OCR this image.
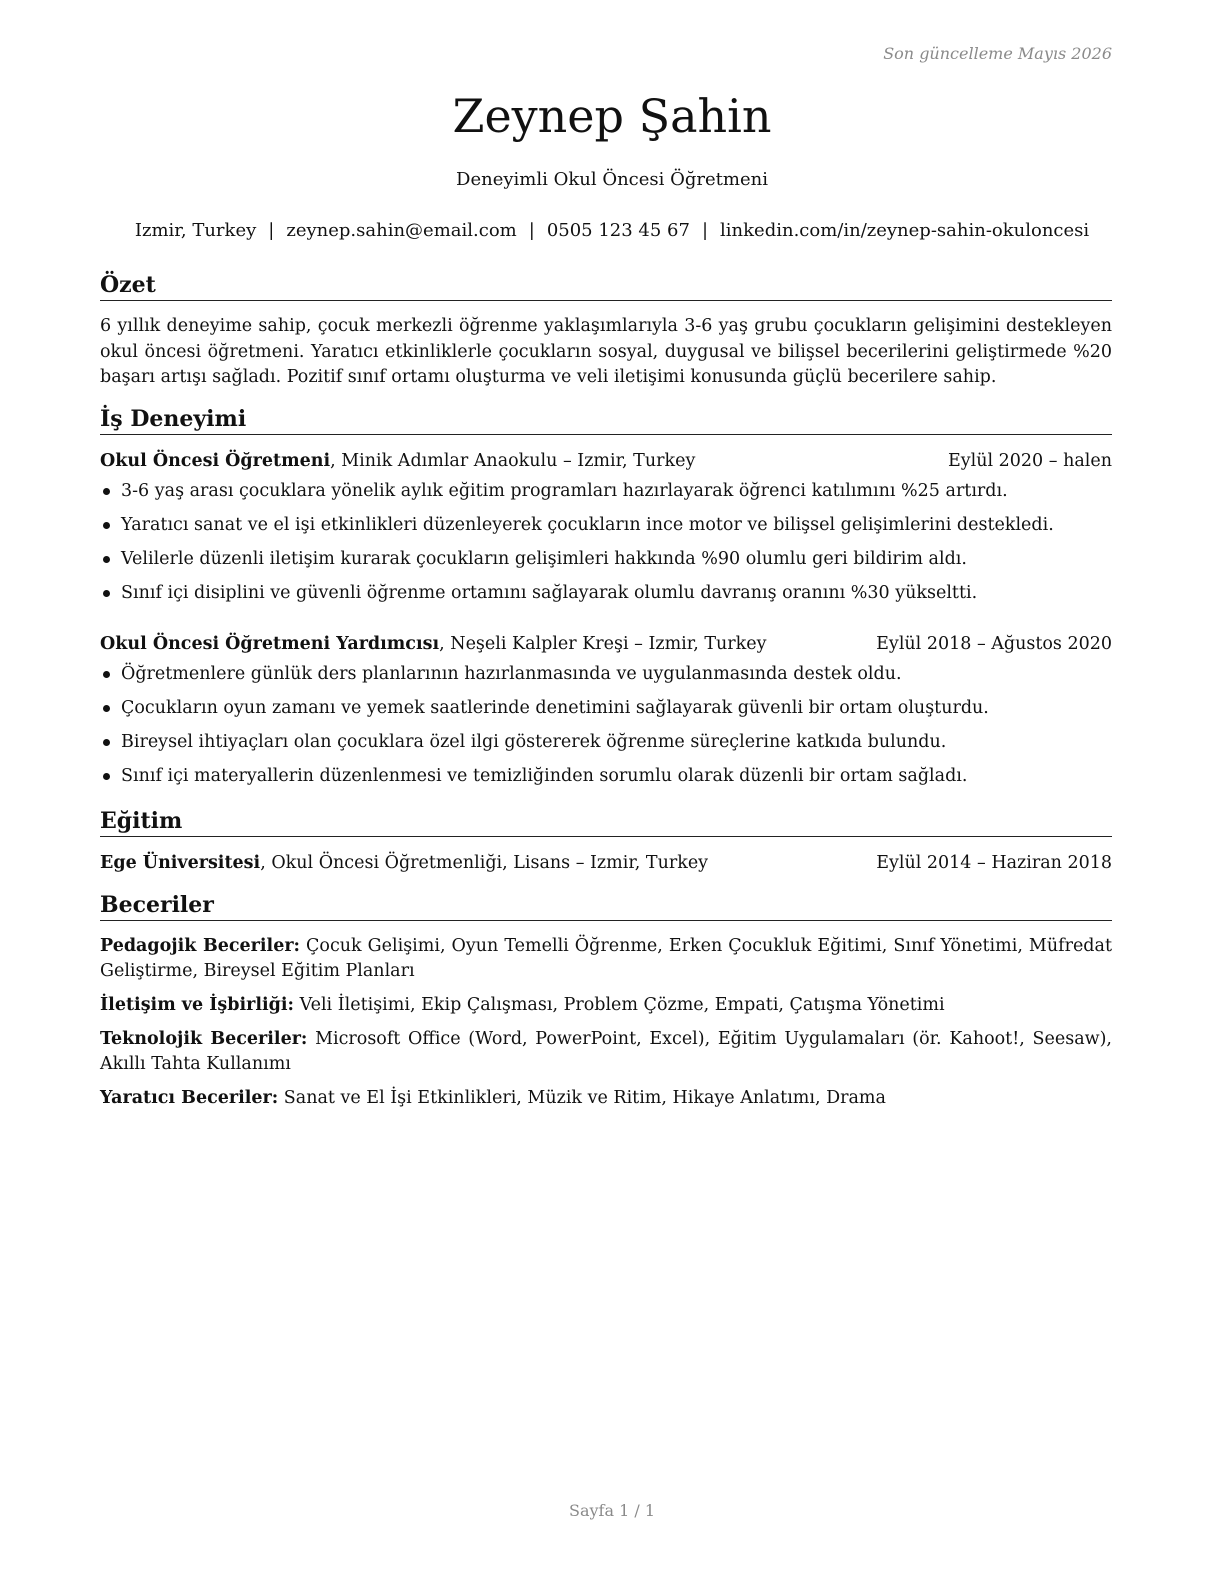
Son güncelleme Mayıs 2026
Zeynep Şahin
Deneyimli Okul Öncesi Öğretmeni
Izmir, Turkey | zeynep.sahin@email.com | 0505 123 45 67 | linkedin.com/in/zeynep-sahin-okuloncesi
Özet
6 yıllık deneyime sahip, çocuk merkezli öğrenme yaklaşımlarıyla 3-6 yaş grubu çocukların gelişimini destekleyen okul öncesi öğretmeni. Yaratıcı etkinliklerle çocukların sosyal, duygusal ve bilişsel becerilerini geliştirmede %20 başarı artışı sağladı. Pozitif sınıf ortamı oluşturma ve veli iletişimi konusunda güçlü becerilere sahip.
İş Deneyimi
Okul Öncesi Öğretmeni, Minik Adımlar Anaokulu – Izmir, Turkey	Eylül 2020 – halen
3-6 yaş arası çocuklara yönelik aylık eğitim programları hazırlayarak öğrenci katılımını %25 artırdı.
Yaratıcı sanat ve el işi etkinlikleri düzenleyerek çocukların ince motor ve bilişsel gelişimlerini destekledi.
Velilerle düzenli iletişim kurarak çocukların gelişimleri hakkında %90 olumlu geri bildirim aldı.
Sınıf içi disiplini ve güvenli öğrenme ortamını sağlayarak olumlu davranış oranını %30 yükseltti.
Okul Öncesi Öğretmeni Yardımcısı, Neşeli Kalpler Kreşi – Izmir, Turkey	Eylül 2018 – Ağustos 2020
Öğretmenlere günlük ders planlarının hazırlanmasında ve uygulanmasında destek oldu.
Çocukların oyun zamanı ve yemek saatlerinde denetimini sağlayarak güvenli bir ortam oluşturdu.
Bireysel ihtiyaçları olan çocuklara özel ilgi göstererek öğrenme süreçlerine katkıda bulundu.
Sınıf içi materyallerin düzenlenmesi ve temizliğinden sorumlu olarak düzenli bir ortam sağladı.
Eğitim
Ege Üniversitesi, Okul Öncesi Öğretmenliği, Lisans – Izmir, Turkey	Eylül 2014 – Haziran 2018
Beceriler
Pedagojik Beceriler: Çocuk Gelişimi, Oyun Temelli Öğrenme, Erken Çocukluk Eğitimi, Sınıf Yönetimi, Müfredat Geliştirme, Bireysel Eğitim Planları
İletişim ve İşbirliği: Veli İletişimi, Ekip Çalışması, Problem Çözme, Empati, Çatışma Yönetimi
Teknolojik Beceriler: Microsoft Office (Word, PowerPoint, Excel), Eğitim Uygulamaları (ör. Kahoot!, Seesaw), Akıllı Tahta Kullanımı
Yaratıcı Beceriler: Sanat ve El İşi Etkinlikleri, Müzik ve Ritim, Hikaye Anlatımı, Drama
Sayfa 1 / 1
